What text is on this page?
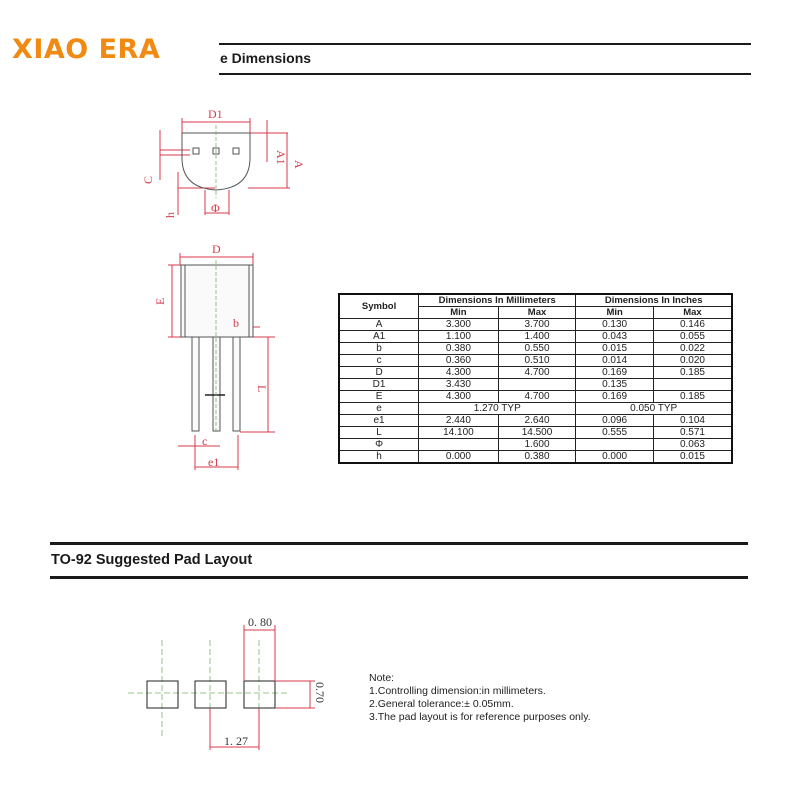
XIAO ERA	e Dimensions
D1
A1 A
C
h	Φ
D
E
b
L
c
e1
Symbol	Dimensions In Millimeters		Dimensions In Inches	
	Min	Max	Min	Max
A	3.300	3.700	0.130	0.146
A1	1.100	1.400	0.043	0.055
b	0.380	0.550	0.015	0.022
c	0.360	0.510	0.014	0.020
D	4.300	4.700	0.169	0.185
D1	3.430		0.135	
E	4.300	4.700	0.169	0.185
e	1.270 TYP		0.050 TYP	
e1	2.440	2.640	0.096	0.104
L	14.100	14.500	0.555	0.571
Φ		1.600		0.063
h	0.000	0.380	0.000	0.015
TO-92 Suggested Pad Layout
0. 80
0.70
1. 27
Note:
1.Controlling dimension:in millimeters.
2.General tolerance:± 0.05mm.
3.The pad layout is for reference purposes only.
